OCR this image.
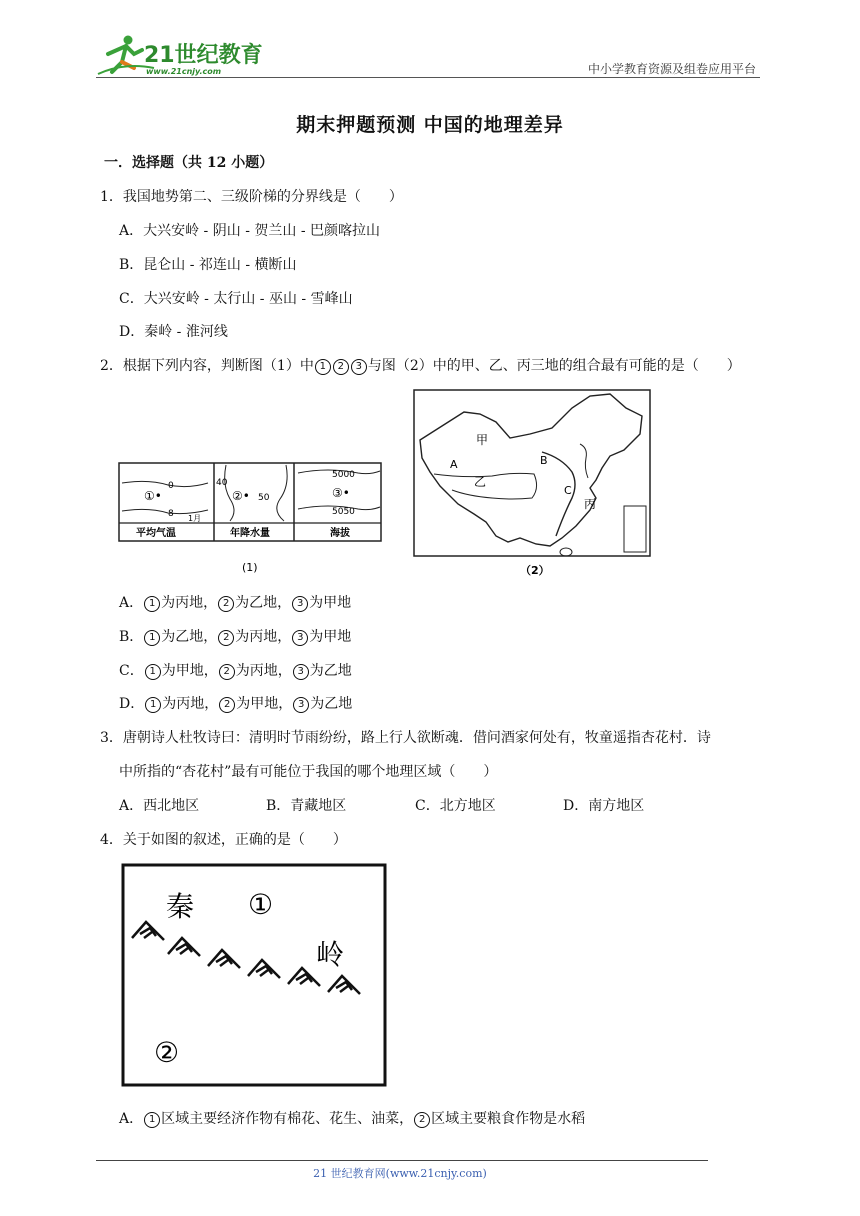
21世纪教育
www.21cnjy.com	中小学教育资源及组卷应用平台
期末押题预测 中国的地理差异
一．选择题（共 12 小题）
1．我国地势第二、三级阶梯的分界线是（　　）
A．大兴安岭 - 阴山 - 贺兰山 - 巴颜喀拉山
B．昆仑山 - 祁连山 - 横断山
C．大兴安岭 - 太行山 - 巫山 - 雪峰山
D．秦岭 - 淮河线
2．根据下列内容，判断图（1）中 1 2 3 与图（2）中的甲、乙、丙三地的组合最有可能的是（　　）
0
8
①•
1月
平均气温
40
②• 50
年降水量
5000
③•
5050
海拔
(1)
甲
A
乙
B
C
丙
（2）
A． 1 为丙地， 2 为乙地， 3 为甲地
B． 1 为乙地， 2 为丙地， 3 为甲地
C． 1 为甲地， 2 为丙地， 3 为乙地
D． 1 为丙地， 2 为甲地， 3 为乙地
3．唐朝诗人杜牧诗曰：清明时节雨纷纷，路上行人欲断魂．借问酒家何处有，牧童遥指杏花村．诗
中所指的“杏花村”最有可能位于我国的哪个地理区域（　　）
A．西北地区	B．青藏地区	C．北方地区	D．南方地区
4．关于如图的叙述，正确的是（　　）
秦 ①
岭
②
A． 1 区域主要经济作物有棉花、花生、油菜， 2 区域主要粮食作物是水稻
21 世纪教育网(www.21cnjy.com)
